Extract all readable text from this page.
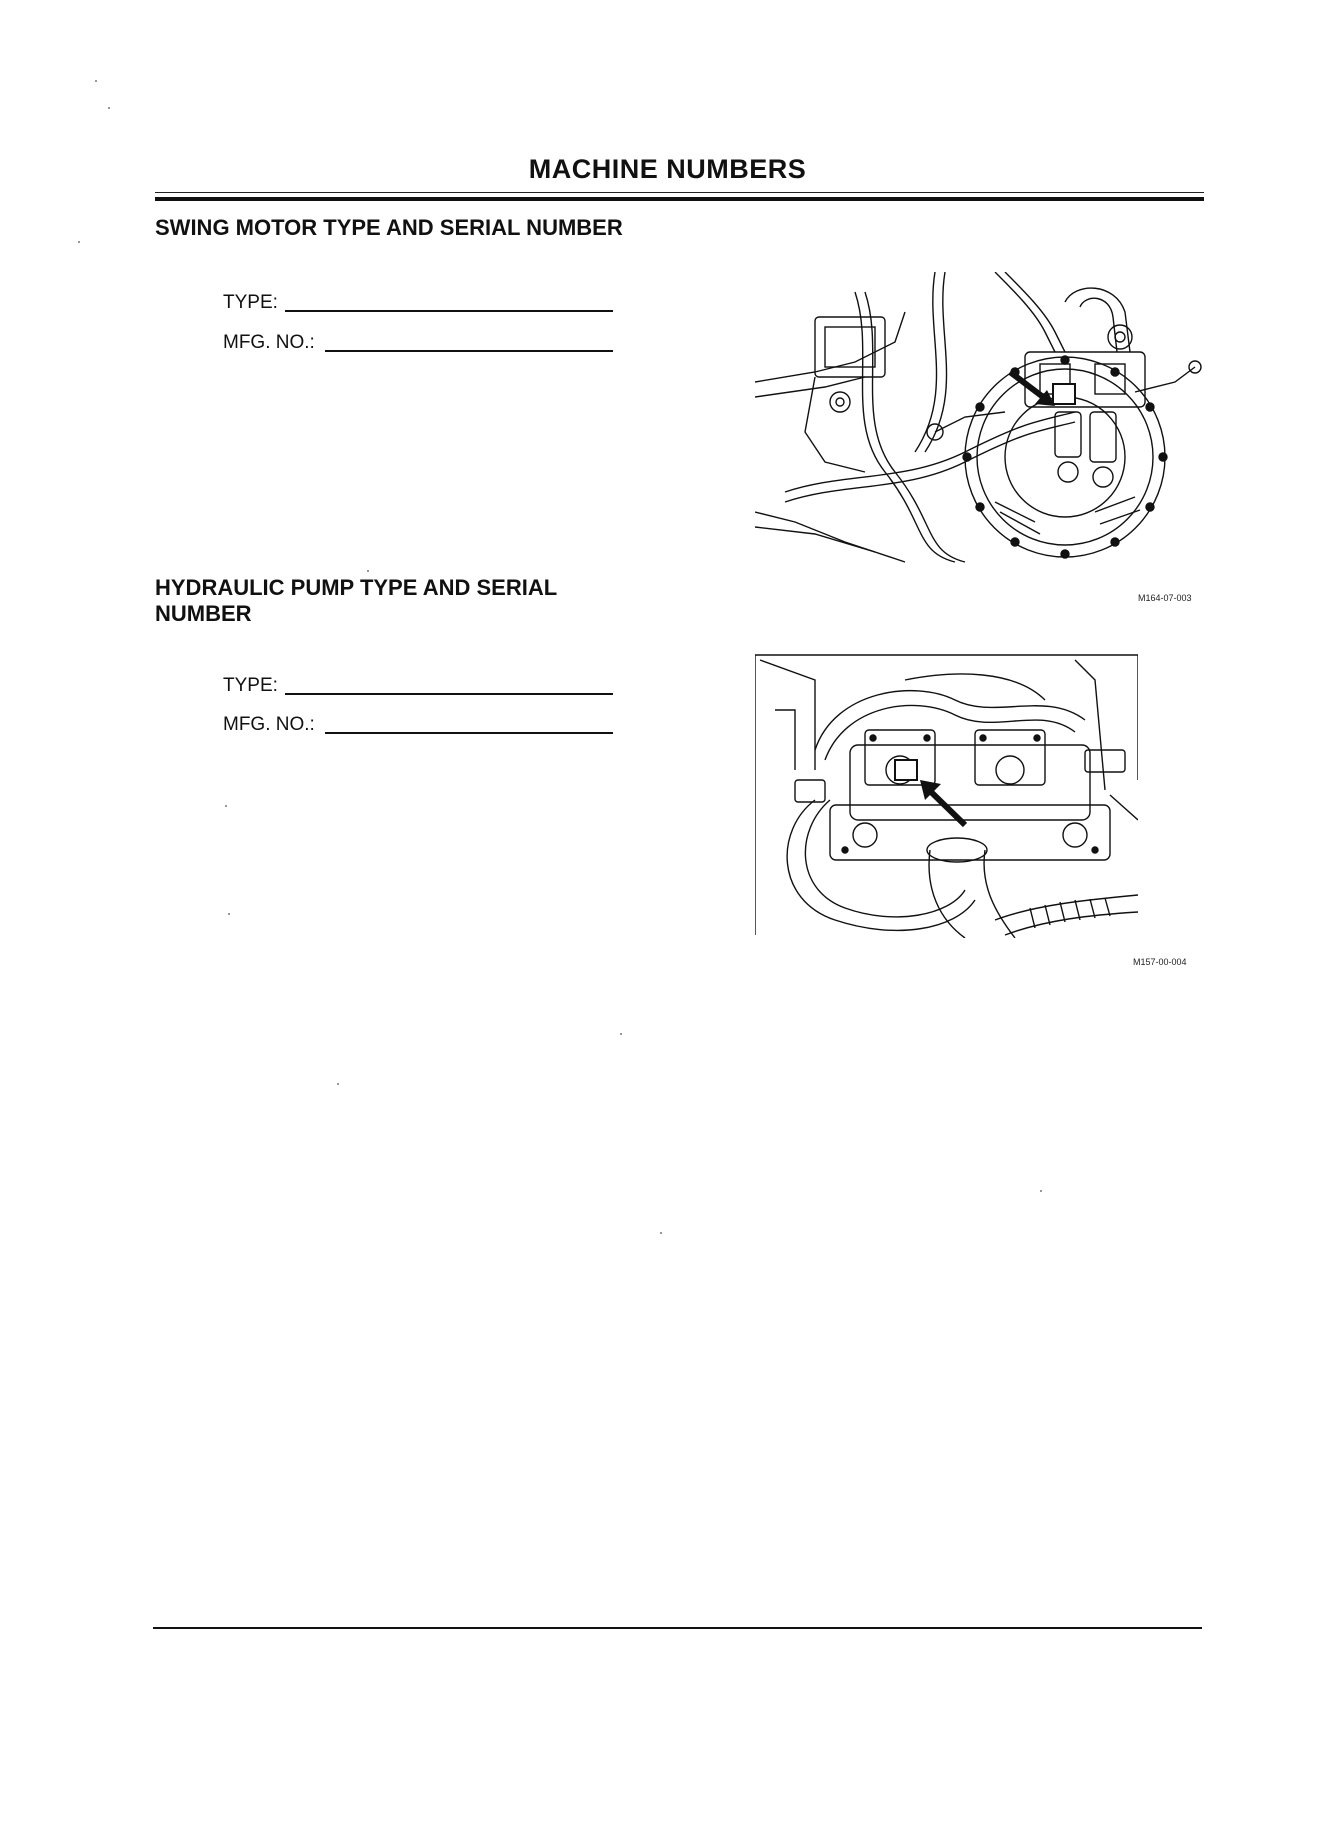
MACHINE NUMBERS
SWING MOTOR TYPE AND SERIAL NUMBER
TYPE:
MFG. NO.:
M164-07-003
HYDRAULIC PUMP TYPE AND SERIAL
NUMBER
TYPE:
MFG. NO.:
M157-00-004
